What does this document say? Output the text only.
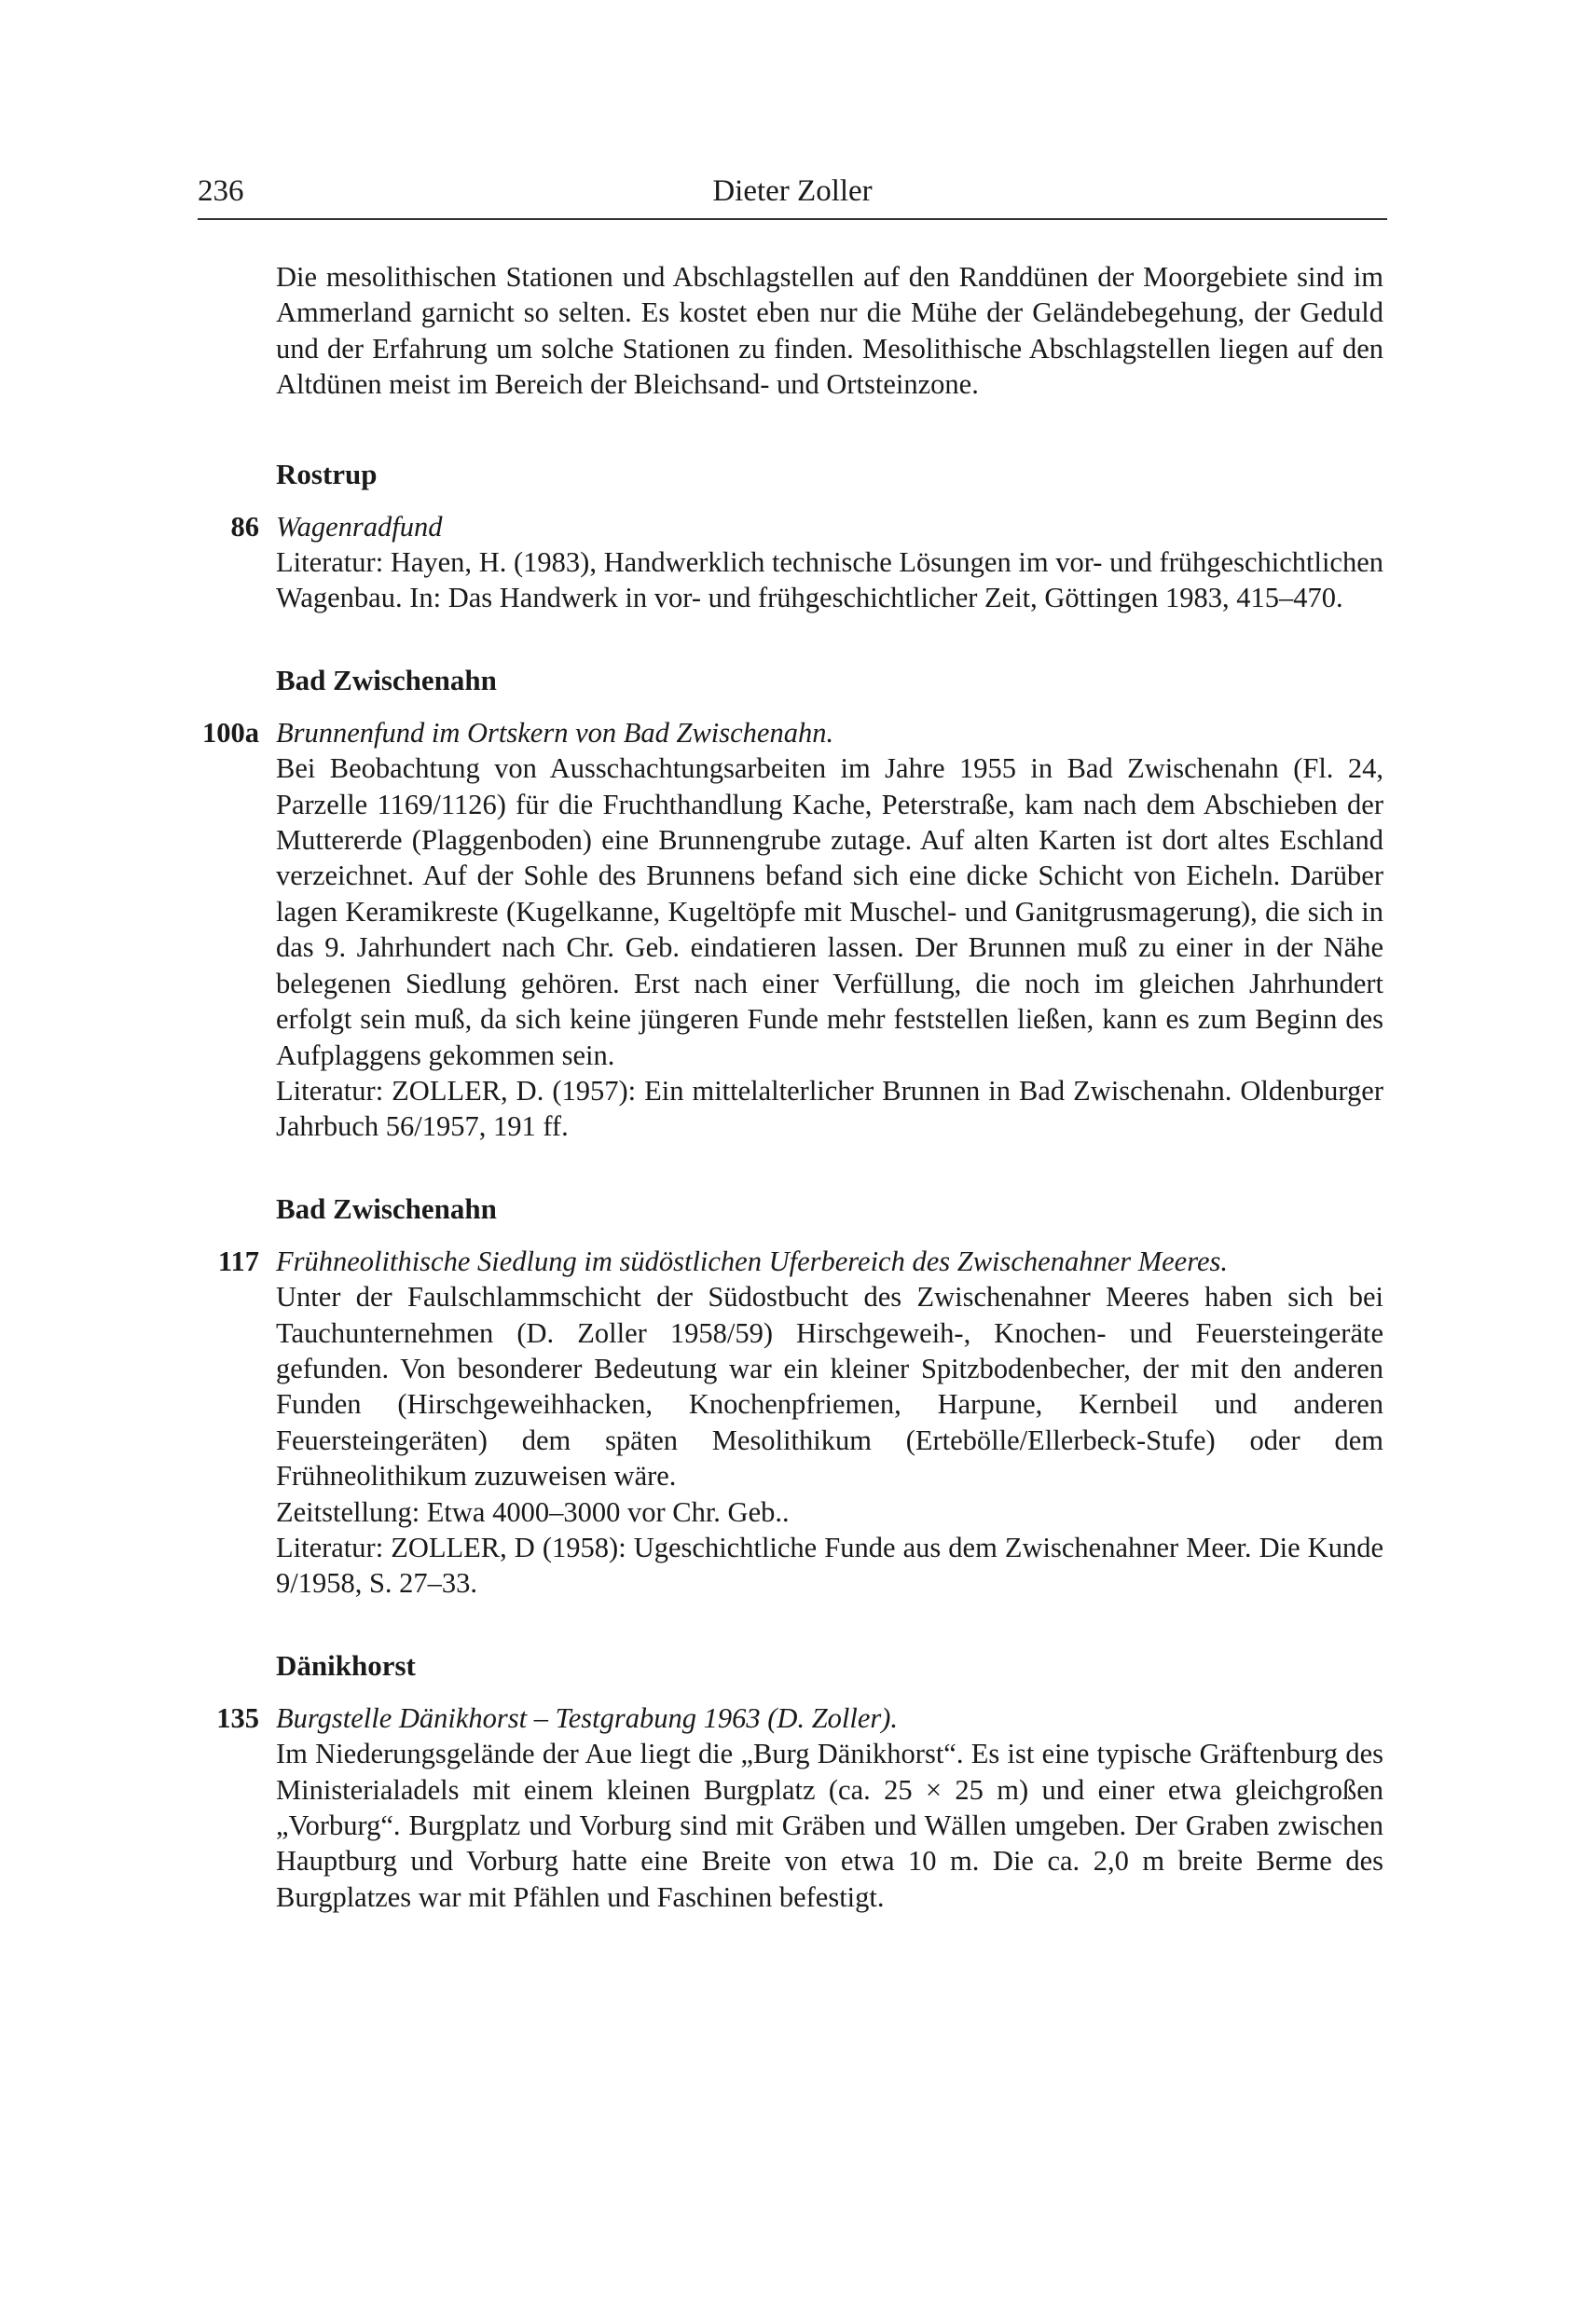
236	Dieter Zoller

Die mesolithischen Stationen und Abschlagstellen auf den Randdünen der Moorgebiete sind im Ammerland garnicht so selten. Es kostet eben nur die Mühe der Geländebegehung, der Geduld und der Erfahrung um solche Stationen zu finden. Mesolithische Abschlagstellen liegen auf den Altdünen meist im Bereich der Bleichsand- und Ortsteinzone.

Rostrup
86 Wagenradfund

Literatur: Hayen, H. (1983), Handwerklich technische Lösungen im vor- und frühgeschichtlichen Wagenbau. In: Das Handwerk in vor- und frühgeschichtlicher Zeit, Göttingen 1983, 415–470.

Bad Zwischenahn
100a Brunnenfund im Ortskern von Bad Zwischenahn.

Bei Beobachtung von Ausschachtungsarbeiten im Jahre 1955 in Bad Zwischenahn (Fl. 24, Parzelle 1169/1126) für die Fruchthandlung Kache, Peterstraße, kam nach dem Abschieben der Muttererde (Plaggenboden) eine Brunnengrube zutage. Auf alten Karten ist dort altes Eschland verzeichnet. Auf der Sohle des Brunnens befand sich eine dicke Schicht von Eicheln. Darüber lagen Keramikreste (Kugelkanne, Kugeltöpfe mit Muschel- und Ganitgrusmagerung), die sich in das 9. Jahrhundert nach Chr. Geb. eindatieren lassen. Der Brunnen muß zu einer in der Nähe belegenen Siedlung gehören. Erst nach einer Verfüllung, die noch im gleichen Jahrhundert erfolgt sein muß, da sich keine jüngeren Funde mehr feststellen ließen, kann es zum Beginn des Aufplaggens gekommen sein.

Literatur: ZOLLER, D. (1957): Ein mittelalterlicher Brunnen in Bad Zwischenahn. Oldenburger Jahrbuch 56/1957, 191 ff.

Bad Zwischenahn
117 Frühneolithische Siedlung im südöstlichen Uferbereich des Zwischenahner Meeres.

Unter der Faulschlammschicht der Südostbucht des Zwischenahner Meeres haben sich bei Tauchunternehmen (D. Zoller 1958/59) Hirschgeweih-, Knochen- und Feuersteingeräte gefunden. Von besonderer Bedeutung war ein kleiner Spitzbodenbecher, der mit den anderen Funden (Hirschgeweihhacken, Knochenpfriemen, Harpune, Kernbeil und anderen Feuersteingeräten) dem späten Mesolithikum (Ertebölle/Ellerbeck-Stufe) oder dem Frühneolithikum zuzuweisen wäre.

Zeitstellung: Etwa 4000–3000 vor Chr. Geb..

Literatur: ZOLLER, D (1958): Ugeschichtliche Funde aus dem Zwischenahner Meer. Die Kunde 9/1958, S. 27–33.

Dänikhorst
135 Burgstelle Dänikhorst – Testgrabung 1963 (D. Zoller).

Im Niederungsgelände der Aue liegt die „Burg Dänikhorst“. Es ist eine typische Gräftenburg des Ministerialadels mit einem kleinen Burgplatz (ca. 25 × 25 m) und einer etwa gleichgroßen „Vorburg“. Burgplatz und Vorburg sind mit Gräben und Wällen umgeben. Der Graben zwischen Hauptburg und Vorburg hatte eine Breite von etwa 10 m. Die ca. 2,0 m breite Berme des Burgplatzes war mit Pfählen und Faschinen befestigt.
